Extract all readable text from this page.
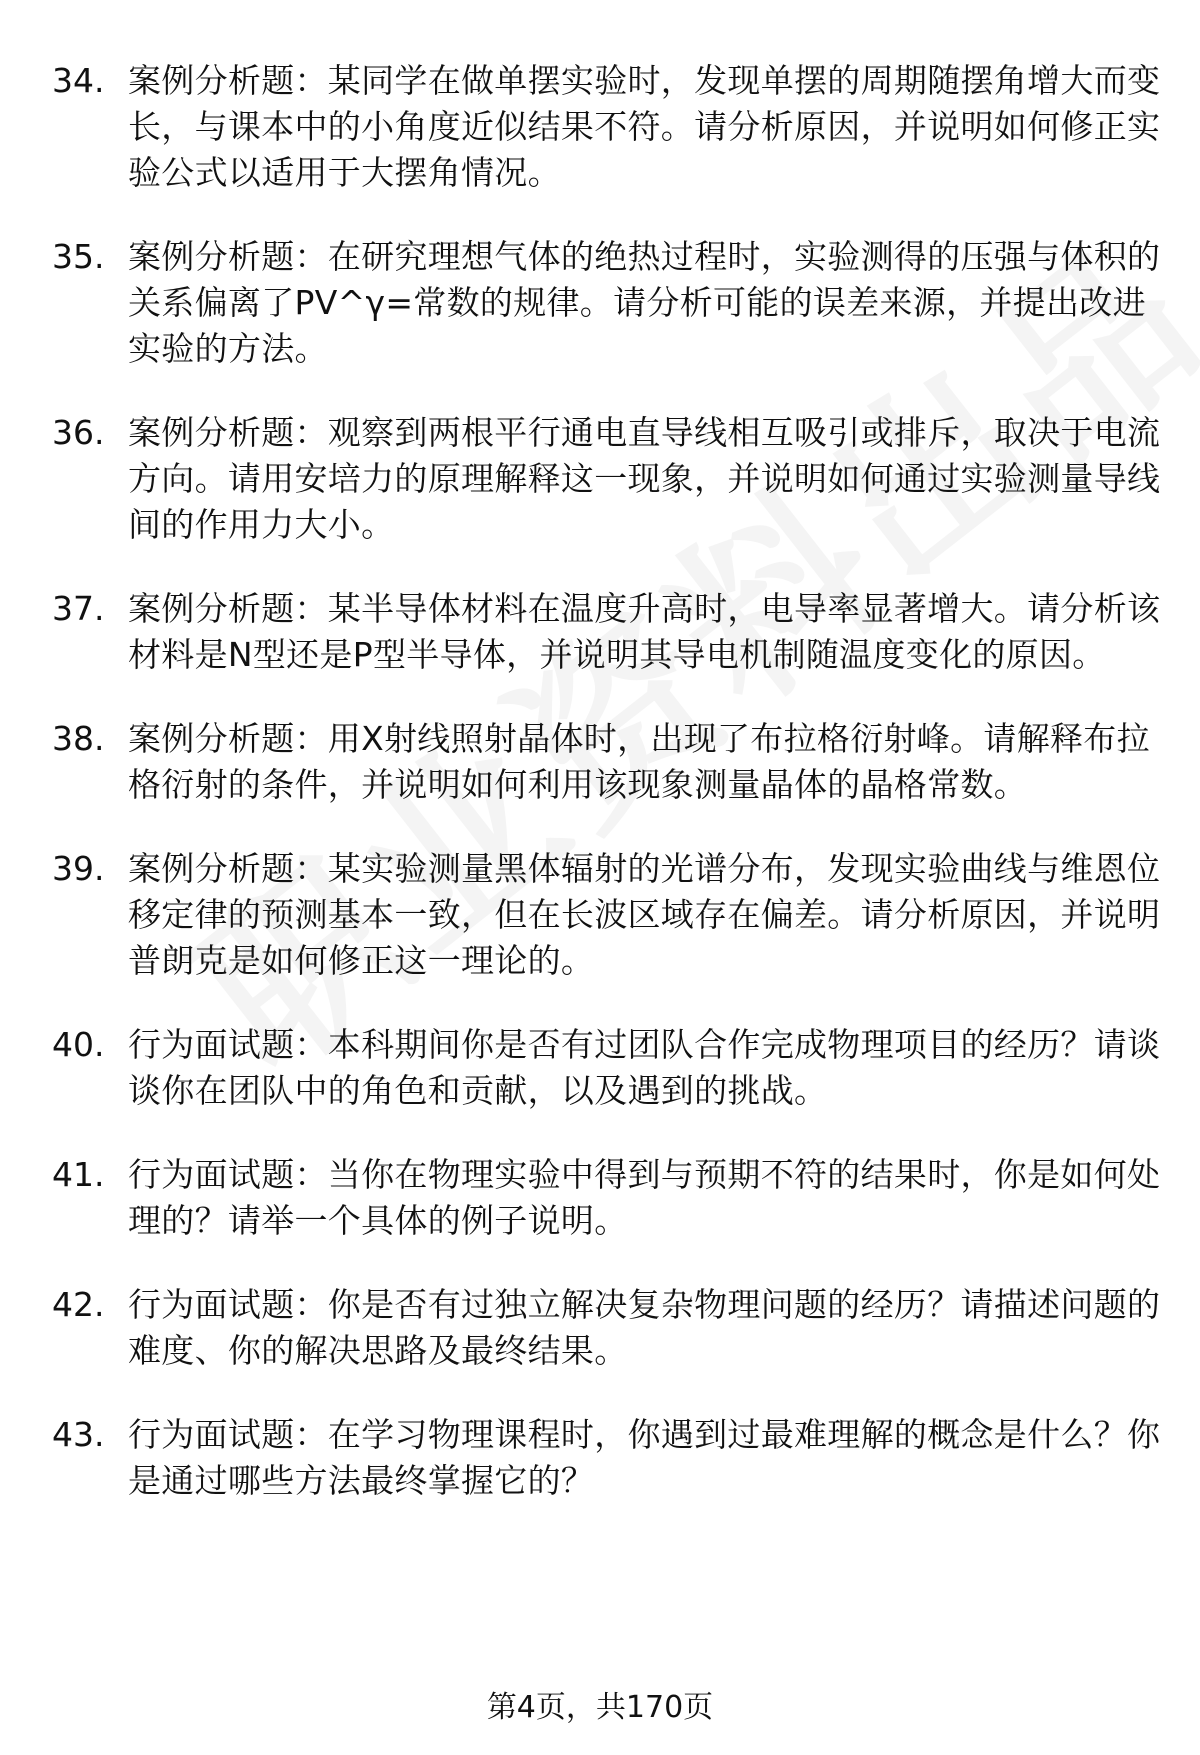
34. 案例分析题：某同学在做单摆实验时，发现单摆的周期随摆角增大而变长，与课本中的小角度近似结果不符。请分析原因，并说明如何修正实验公式以适用于大摆角情况。
35. 案例分析题：在研究理想气体的绝热过程时，实验测得的压强与体积的关系偏离了PV^γ=常数的规律。请分析可能的误差来源，并提出改进实验的方法。
36. 案例分析题：观察到两根平行通电直导线相互吸引或排斥，取决于电流方向。请用安培力的原理解释这一现象，并说明如何通过实验测量导线间的作用力大小。
37. 案例分析题：某半导体材料在温度升高时，电导率显著增大。请分析该材料是N型还是P型半导体，并说明其导电机制随温度变化的原因。
38. 案例分析题：用X射线照射晶体时，出现了布拉格衍射峰。请解释布拉格衍射的条件，并说明如何利用该现象测量晶体的晶格常数。
39. 案例分析题：某实验测量黑体辐射的光谱分布，发现实验曲线与维恩位移定律的预测基本一致，但在长波区域存在偏差。请分析原因，并说明普朗克是如何修正这一理论的。
40. 行为面试题：本科期间你是否有过团队合作完成物理项目的经历？请谈谈你在团队中的角色和贡献，以及遇到的挑战。
41. 行为面试题：当你在物理实验中得到与预期不符的结果时，你是如何处理的？请举一个具体的例子说明。
42. 行为面试题：你是否有过独立解决复杂物理问题的经历？请描述问题的难度、你的解决思路及最终结果。
43. 行为面试题：在学习物理课程时，你遇到过最难理解的概念是什么？你是通过哪些方法最终掌握它的？
第4页，共170页
